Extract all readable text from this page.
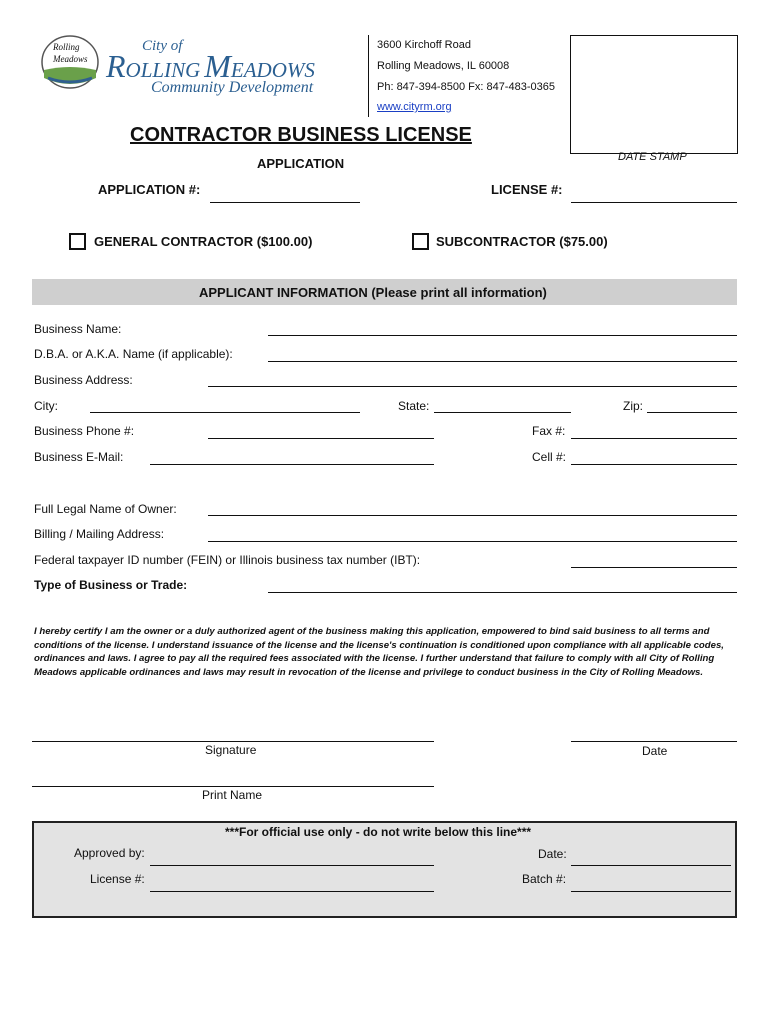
Rolling
Meadows
City of
ROLLING MEADOWS
Community Development
3600 Kirchoff Road
Rolling Meadows, IL 60008
Ph: 847-394-8500 Fx: 847-483-0365
www.cityrm.org
DATE STAMP
CONTRACTOR BUSINESS LICENSE
APPLICATION
APPLICATION #:	LICENSE #:
GENERAL CONTRACTOR ($100.00)	SUBCONTRACTOR ($75.00)
APPLICANT INFORMATION (Please print all information)
Business Name:
D.B.A. or A.K.A. Name (if applicable):
Business Address:
City:	State:	Zip:
Business Phone #:	Fax #:
Business E-Mail:	Cell #:
Full Legal Name of Owner:
Billing / Mailing Address:
Federal taxpayer ID number (FEIN) or Illinois business tax number (IBT):
Type of Business or Trade:
I hereby certify I am the owner or a duly authorized agent of the business making this application, empowered to bind said business to all terms and conditions of the license. I understand issuance of the license and the license's continuation is conditioned upon compliance with all applicable codes, ordinances and laws. I agree to pay all the required fees associated with the license. I further understand that failure to comply with all City of Rolling Meadows applicable ordinances and laws may result in revocation of the license and privilege to conduct business in the City of Rolling Meadows.
Signature	Date
Print Name
***For official use only - do not write below this line***
Approved by:	Date:
License #:	Batch #:
